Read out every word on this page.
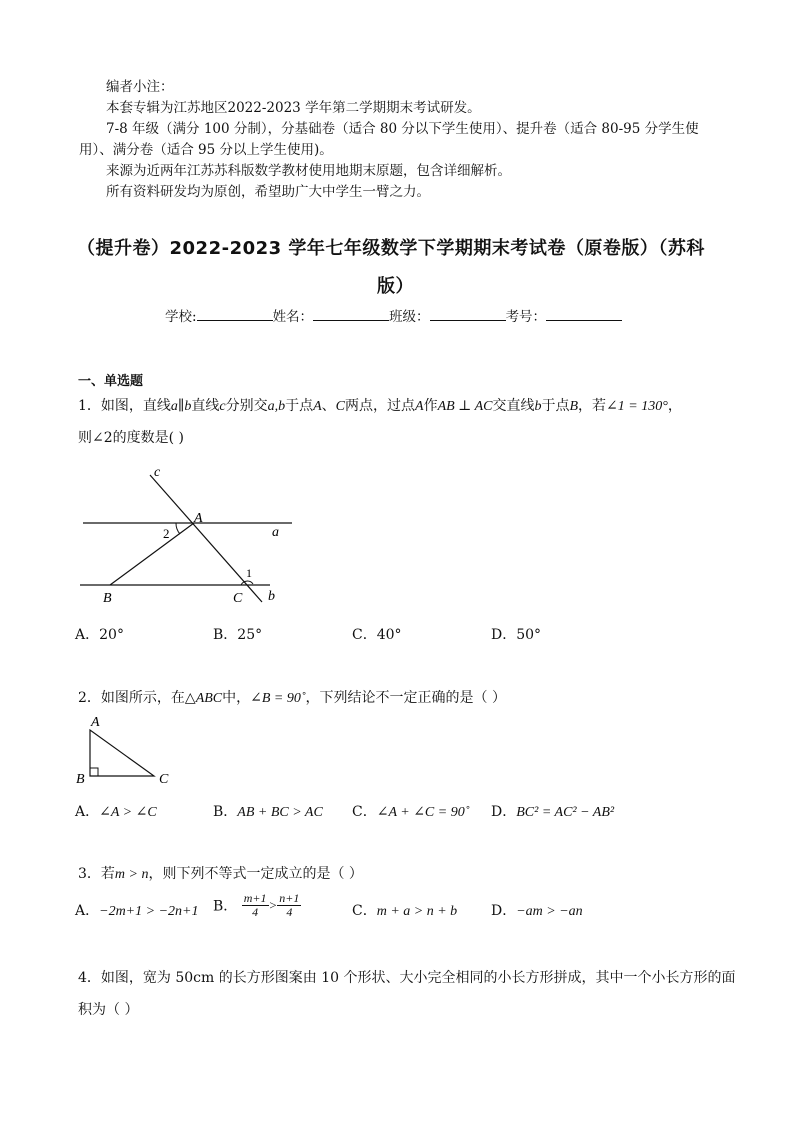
编者小注：
本套专辑为江苏地区2022-2023 学年第二学期期末考试研发。
7-8 年级（满分 100 分制），分基础卷（适合 80 分以下学生使用）、提升卷（适合 80-95 分学生使
用）、满分卷（适合 95 分以上学生使用)。
来源为近两年江苏苏科版数学教材使用地期末原题，包含详细解析。
所有资料研发均为原创，希望助广大中学生一臂之力。
（提升卷）2022-2023 学年七年级数学下学期期末考试卷（原卷版）（苏科
版）
学校:	姓名：	班级：	考号：
一、单选题
1．如图，直线a∥b直线c分别交a,b于点A、C两点，过点A作AB ⊥ AC交直线b于点B，若∠1 = 130°，
则∠2的度数是( )
c
A
a
2
1
B	C b
A．20°	B．25°	C．40°	D．50°
2．如图所示，在△ABC中，∠B = 90˚，下列结论不一定正确的是（ ）
A
B	C
A．∠A > ∠C	B．AB + BC > AC C．∠A + ∠C = 90˚ D．BC² = AC² − AB²
3．若m > n，则下列不等式一定成立的是（ ）
A．−2m+1 > −2n+1 B． $\frac{m+1}{4} > \frac{n+1}{4}$	C．m + a > n + b D．−am > −an
4．如图，宽为 50cm 的长方形图案由 10 个形状、大小完全相同的小长方形拼成，其中一个小长方形的面
积为（ ）
